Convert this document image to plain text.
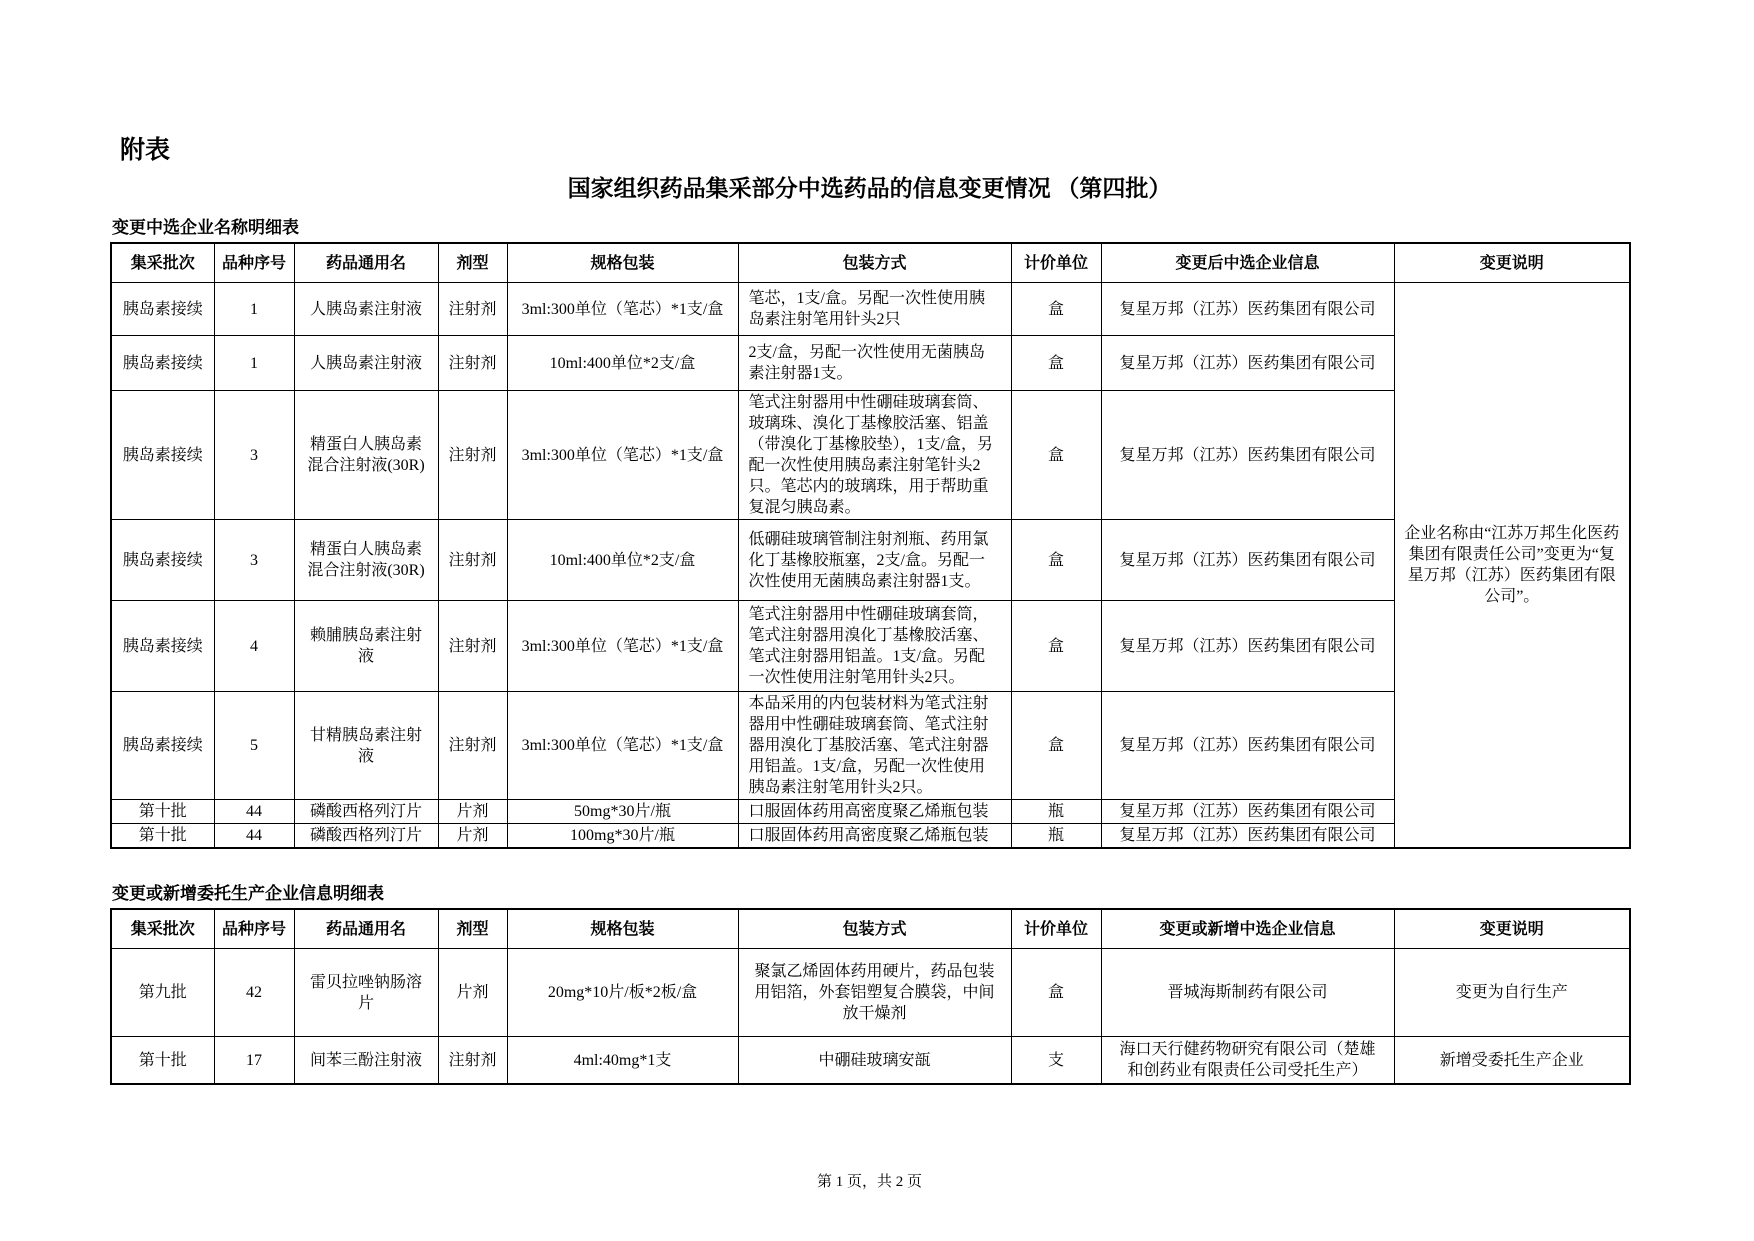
附表
国家组织药品集采部分中选药品的信息变更情况 （第四批）
变更中选企业名称明细表
集采批次	品种序号	药品通用名	剂型	规格包装	包装方式	计价单位	变更后中选企业信息	变更说明
胰岛素接续	1	人胰岛素注射液	注射剂	3ml:300单位（笔芯）*1支/盒	笔芯，1支/盒。另配一次性使用胰岛素注射笔用针头2只	盒	复星万邦（江苏）医药集团有限公司	企业名称由“江苏万邦生化医药集团有限责任公司”变更为“复星万邦（江苏）医药集团有限公司”。
胰岛素接续	1	人胰岛素注射液	注射剂	10ml:400单位*2支/盒	2支/盒，另配一次性使用无菌胰岛素注射器1支。	盒	复星万邦（江苏）医药集团有限公司	
胰岛素接续	3	精蛋白人胰岛素混合注射液(30R)	注射剂	3ml:300单位（笔芯）*1支/盒	笔式注射器用中性硼硅玻璃套筒、玻璃珠、溴化丁基橡胶活塞、铝盖（带溴化丁基橡胶垫），1支/盒，另配一次性使用胰岛素注射笔针头2只。笔芯内的玻璃珠，用于帮助重复混匀胰岛素。	盒	复星万邦（江苏）医药集团有限公司	
胰岛素接续	3	精蛋白人胰岛素混合注射液(30R)	注射剂	10ml:400单位*2支/盒	低硼硅玻璃管制注射剂瓶、药用氯化丁基橡胶瓶塞，2支/盒。另配一次性使用无菌胰岛素注射器1支。	盒	复星万邦（江苏）医药集团有限公司	
胰岛素接续	4	赖脯胰岛素注射液	注射剂	3ml:300单位（笔芯）*1支/盒	笔式注射器用中性硼硅玻璃套筒，笔式注射器用溴化丁基橡胶活塞、笔式注射器用铝盖。1支/盒。另配一次性使用注射笔用针头2只。	盒	复星万邦（江苏）医药集团有限公司	
胰岛素接续	5	甘精胰岛素注射液	注射剂	3ml:300单位（笔芯）*1支/盒	本品采用的内包装材料为笔式注射器用中性硼硅玻璃套筒、笔式注射器用溴化丁基胶活塞、笔式注射器用铝盖。1支/盒，另配一次性使用胰岛素注射笔用针头2只。	盒	复星万邦（江苏）医药集团有限公司	
第十批	44	磷酸西格列汀片	片剂	50mg*30片/瓶	口服固体药用高密度聚乙烯瓶包装	瓶	复星万邦（江苏）医药集团有限公司	
第十批	44	磷酸西格列汀片	片剂	100mg*30片/瓶	口服固体药用高密度聚乙烯瓶包装	瓶	复星万邦（江苏）医药集团有限公司	
变更或新增委托生产企业信息明细表
集采批次	品种序号	药品通用名	剂型	规格包装	包装方式	计价单位	变更或新增中选企业信息	变更说明
第九批	42	雷贝拉唑钠肠溶片	片剂	20mg*10片/板*2板/盒	聚氯乙烯固体药用硬片，药品包装用铝箔，外套铝塑复合膜袋，中间放干燥剂	盒	晋城海斯制药有限公司	变更为自行生产
第十批	17	间苯三酚注射液	注射剂	4ml:40mg*1支	中硼硅玻璃安瓿	支	海口天行健药物研究有限公司（楚雄和创药业有限责任公司受托生产）	新增受委托生产企业
第 1 页，共 2 页
